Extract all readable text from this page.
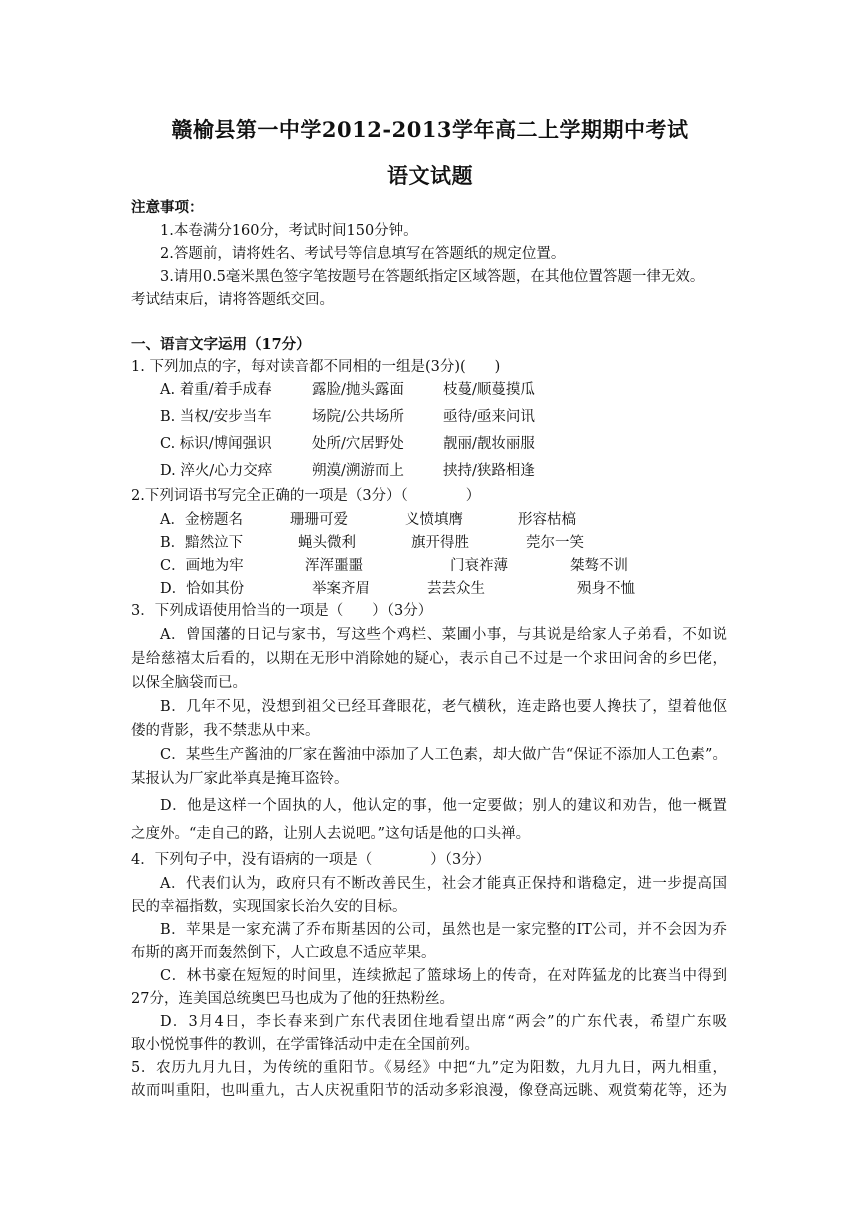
赣榆县第一中学2012-2013学年高二上学期期中考试
语文试题
注意事项：
1.本卷满分160分，考试时间150分钟。
2.答题前，请将姓名、考试号等信息填写在答题纸的规定位置。
3.请用0.5毫米黑色签字笔按题号在答题纸指定区域答题，在其他位置答题一律无效。
考试结束后，请将答题纸交回。
一、语言文字运用（17分）
1. 下列加点的字，每对读音都不同相的一组是(3分)(　　)
A. 着重/着手成春	露脸/抛头露面	枝蔓/顺蔓摸瓜
B. 当权/安步当车	场院/公共场所	亟待/亟来问讯
C. 标识/博闻强识	处所/穴居野处	靓丽/靓妆丽服
D. 淬火/心力交瘁	朔漠/溯游而上	挟持/狭路相逢
2.下列词语书写完全正确的一项是（3分）（　　　　）
A．金榜题名	珊珊可爱	义愤填膺	形容枯槁
B．黯然泣下	蝇头微利	旗开得胜	莞尔一笑
C．画地为牢	浑浑噩噩	门衰祚薄	桀骜不训
D．恰如其份	举案齐眉	芸芸众生	殒身不恤
3．下列成语使用恰当的一项是（　　）（3分）
A．曾国藩的日记与家书，写这些个鸡栏、菜圃小事，与其说是给家人子弟看，不如说
是给慈禧太后看的，以期在无形中消除她的疑心，表示自己不过是一个求田问舍的乡巴佬，
以保全脑袋而已。
B．几年不见，没想到祖父已经耳聋眼花，老气横秋，连走路也要人搀扶了，望着他伛
偻的背影，我不禁悲从中来。
C．某些生产酱油的厂家在酱油中添加了人工色素，却大做广告“保证不添加人工色素”。
某报认为厂家此举真是掩耳盗铃。
D．他是这样一个固执的人，他认定的事，他一定要做；别人的建议和劝告，他一概置
之度外。“走自己的路，让别人去说吧。”这句话是他的口头禅。
4．下列句子中，没有语病的一项是（　　　　）（3分）
A．代表们认为，政府只有不断改善民生，社会才能真正保持和谐稳定，进一步提高国
民的幸福指数，实现国家长治久安的目标。
B．苹果是一家充满了乔布斯基因的公司，虽然也是一家完整的IT公司，并不会因为乔
布斯的离开而轰然倒下，人亡政息不适应苹果。
C．林书豪在短短的时间里，连续掀起了篮球场上的传奇，在对阵猛龙的比赛当中得到
27分，连美国总统奥巴马也成为了他的狂热粉丝。
D．3月4日，李长春来到广东代表团住地看望出席“两会”的广东代表，希望广东吸
取小悦悦事件的教训，在学雷锋活动中走在全国前列。
5．农历九月九日，为传统的重阳节。《易经》中把“九”定为阳数，九月九日，两九相重，
故而叫重阳，也叫重九，古人庆祝重阳节的活动多彩浪漫，像登高远眺、观赏菊花等，还为
